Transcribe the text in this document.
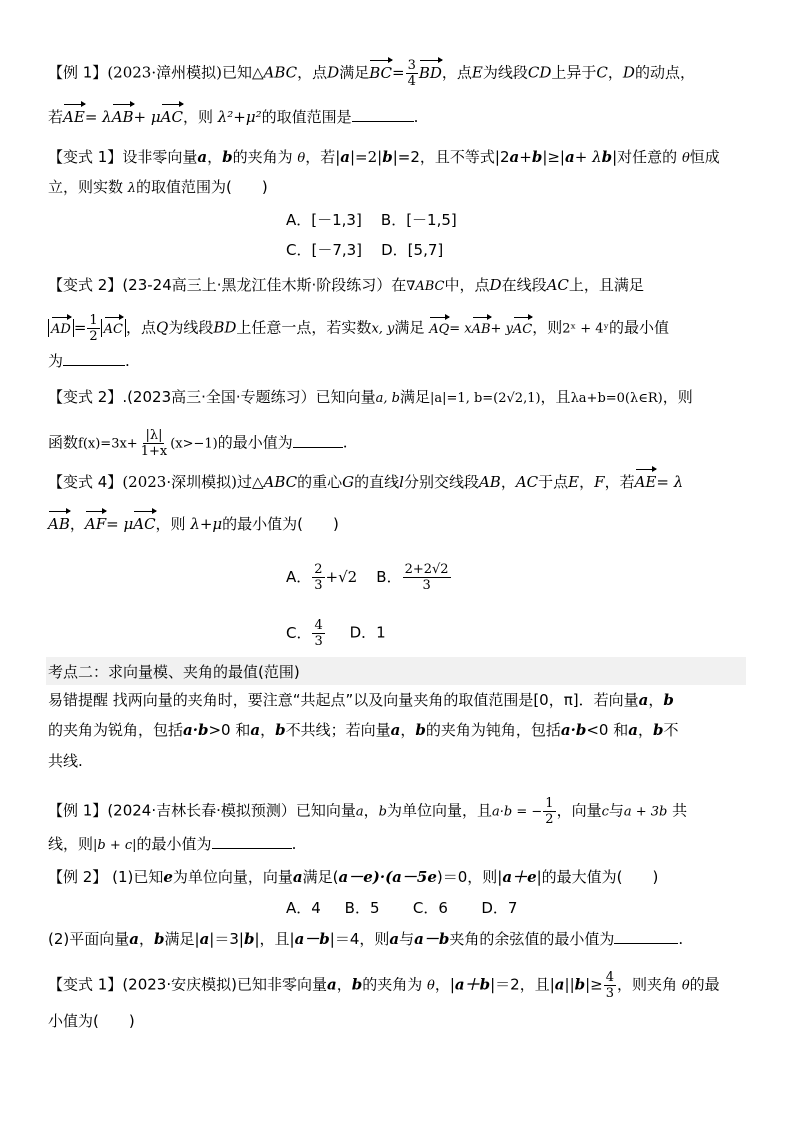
【例 1】(2023·漳州模拟)已知△ABC，点D满足$BC= \frac{3}{4}$ BD，点E为线段CD上异于C，D的动点，
若AE= λAB+ μAC，则 λ²+μ²的取值范围是	.
【变式 1】设非零向量a，b的夹角为 θ，若|a|=2|b|=2，且不等式|2a+b|≥|a+ λb|对任意的 θ恒成
立，则实数 λ的取值范围为(　　)
A．[－1,3] B．[－1,5]
C．[－7,3] D．[5,7]
【变式 2】(23-24高三上·黑龙江佳木斯·阶段练习）在∇ABC中，点D在线段AC上，且满足
AD = $\frac{1}{2}$ AC ，点Q为线段BD上任意一点，若实数x, y满足 AQ= xAB+ yAC，则2ˣ + 4ʸ的最小值
为	.
【变式 2】.(2023高三·全国·专题练习）已知向量a, b满足|a|=1, b=(2√2,1)，且λa+b=0(λ∈R)，则
函数$f(x)=3x+ \frac{|\lambda|}{1+x} (x>-1)$的最小值为	.
【变式 4】(2023·深圳模拟)过△ABC的重心G的直线l分别交线段AB，AC于点E，F，若AE= λ
AB，AF= μAC，则 λ+μ的最小值为(　　)
A． $\frac{2}{3} +√2$ B． $\frac{2+2√2}{3}$
C． $\frac{4}{3}$ D．1
考点二：求向量模、夹角的最值(范围)
易错提醒 找两向量的夹角时，要注意“共起点”以及向量夹角的取值范围是[0，π]．若向量a，b
的夹角为锐角，包括a·b>0 和a，b不共线；若向量a，b的夹角为钝角，包括a·b<0 和a，b不
共线.
【例 1】(2024·吉林长春·模拟预测）已知向量a，b为单位向量，且a·b = − $\frac{1}{2}$ ，向量c与a + 3b 共
线，则|b + c|的最小值为	.
【例 2】 (1)已知e为单位向量，向量a满足(a－e)·(a－5e)＝0，则|a＋e|的最大值为(　　)
A．4 B．5 C．6 D．7
(2)平面向量a，b满足|a|＝3|b|，且|a－b|＝4，则a与a－b夹角的余弦值的最小值为	.
【变式 1】(2023·安庆模拟)已知非零向量a，b的夹角为 θ，|a＋b|＝2，且$|a||b|\ge \frac{4}{3}$ ，则夹角 θ的最
小值为(　　)
